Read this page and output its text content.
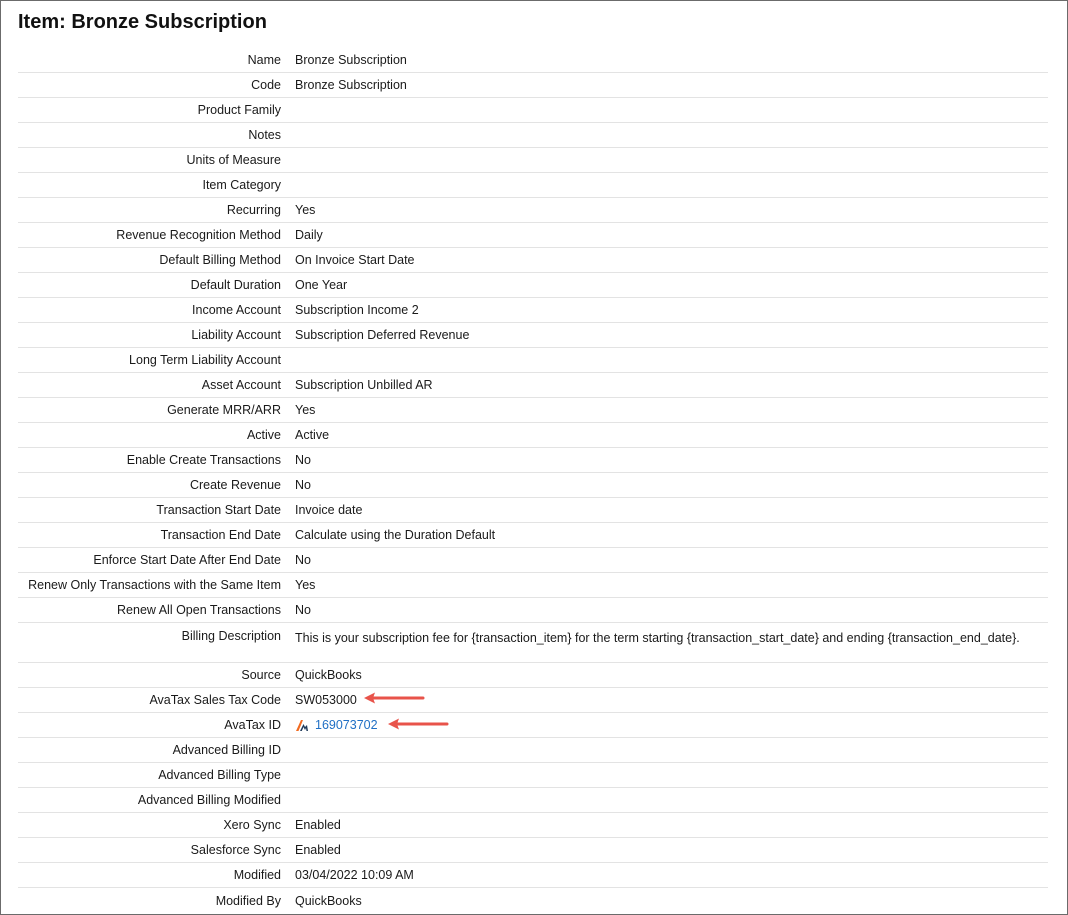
Item: Bronze Subscription
Name	Bronze Subscription
Code	Bronze Subscription
Product Family
Notes
Units of Measure
Item Category
Recurring	Yes
Revenue Recognition Method	Daily
Default Billing Method	On Invoice Start Date
Default Duration	One Year
Income Account	Subscription Income 2
Liability Account	Subscription Deferred Revenue
Long Term Liability Account
Asset Account	Subscription Unbilled AR
Generate MRR/ARR	Yes
Active	Active
Enable Create Transactions	No
Create Revenue	No
Transaction Start Date	Invoice date
Transaction End Date	Calculate using the Duration Default
Enforce Start Date After End Date	No
Renew Only Transactions with the Same Item	Yes
Renew All Open Transactions	No
Billing Description	This is your subscription fee for {transaction_item} for the term starting {transaction_start_date} and ending {transaction_end_date}.
Source	QuickBooks
AvaTax Sales Tax Code	SW053000
AvaTax ID	169073702
Advanced Billing ID
Advanced Billing Type
Advanced Billing Modified
Xero Sync	Enabled
Salesforce Sync	Enabled
Modified	03/04/2022 10:09 AM
Modified By	QuickBooks
